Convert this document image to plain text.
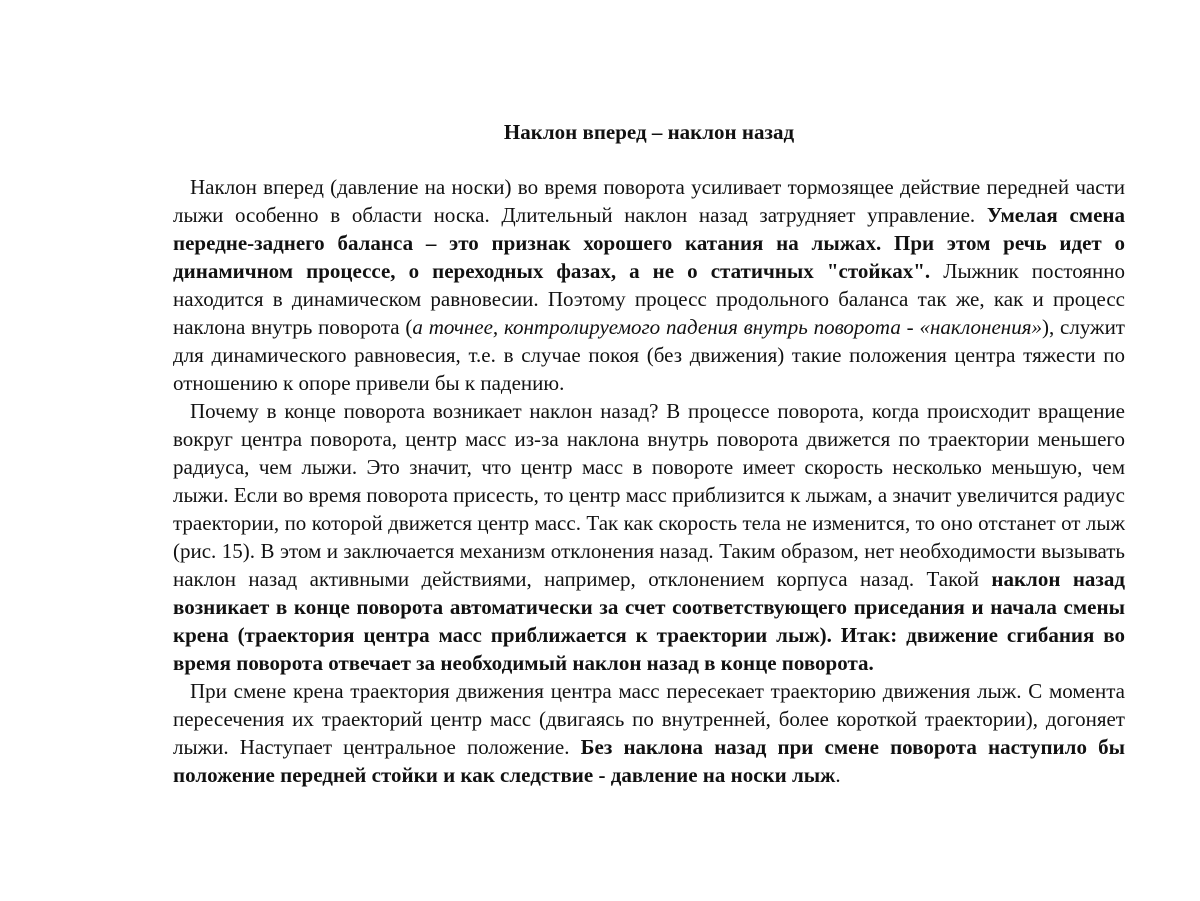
Наклон вперед – наклон назад

Наклон вперед (давление на носки) во время поворота усиливает тормозящее действие передней части лыжи особенно в области носка. Длительный наклон назад затрудняет управление. Умелая смена передне-заднего баланса – это признак хорошего катания на лыжах. При этом речь идет о динамичном процессе, о переходных фазах, а не о статичных "стойках". Лыжник постоянно находится в динамическом равновесии. Поэтому процесс продольного баланса так же, как и процесс наклона внутрь поворота (а точнее, контролируемого падения внутрь поворота - «наклонения»), служит для динамического равновесия, т.е. в случае покоя (без движения) такие положения центра тяжести по отношению к опоре привели бы к падению.

Почему в конце поворота возникает наклон назад? В процессе поворота, когда происходит вращение вокруг центра поворота, центр масс из-за наклона внутрь поворота движется по траектории меньшего радиуса, чем лыжи. Это значит, что центр масс в повороте имеет скорость несколько меньшую, чем лыжи. Если во время поворота присесть, то центр масс приблизится к лыжам, а значит увеличится радиус траектории, по которой движется центр масс. Так как скорость тела не изменится, то оно отстанет от лыж (рис. 15). В этом и заключается механизм отклонения назад. Таким образом, нет необходимости вызывать наклон назад активными действиями, например, отклонением корпуса назад. Такой наклон назад возникает в конце поворота автоматически за счет соответствующего приседания и начала смены крена (траектория центра масс приближается к траектории лыж). Итак: движение сгибания во время поворота отвечает за необходимый наклон назад в конце поворота.

При смене крена траектория движения центра масс пересекает траекторию движения лыж. С момента пересечения их траекторий центр масс (двигаясь по внутренней, более короткой траектории), догоняет лыжи. Наступает центральное положение. Без наклона назад при смене поворота наступило бы положение передней стойки и как следствие - давление на носки лыж.
